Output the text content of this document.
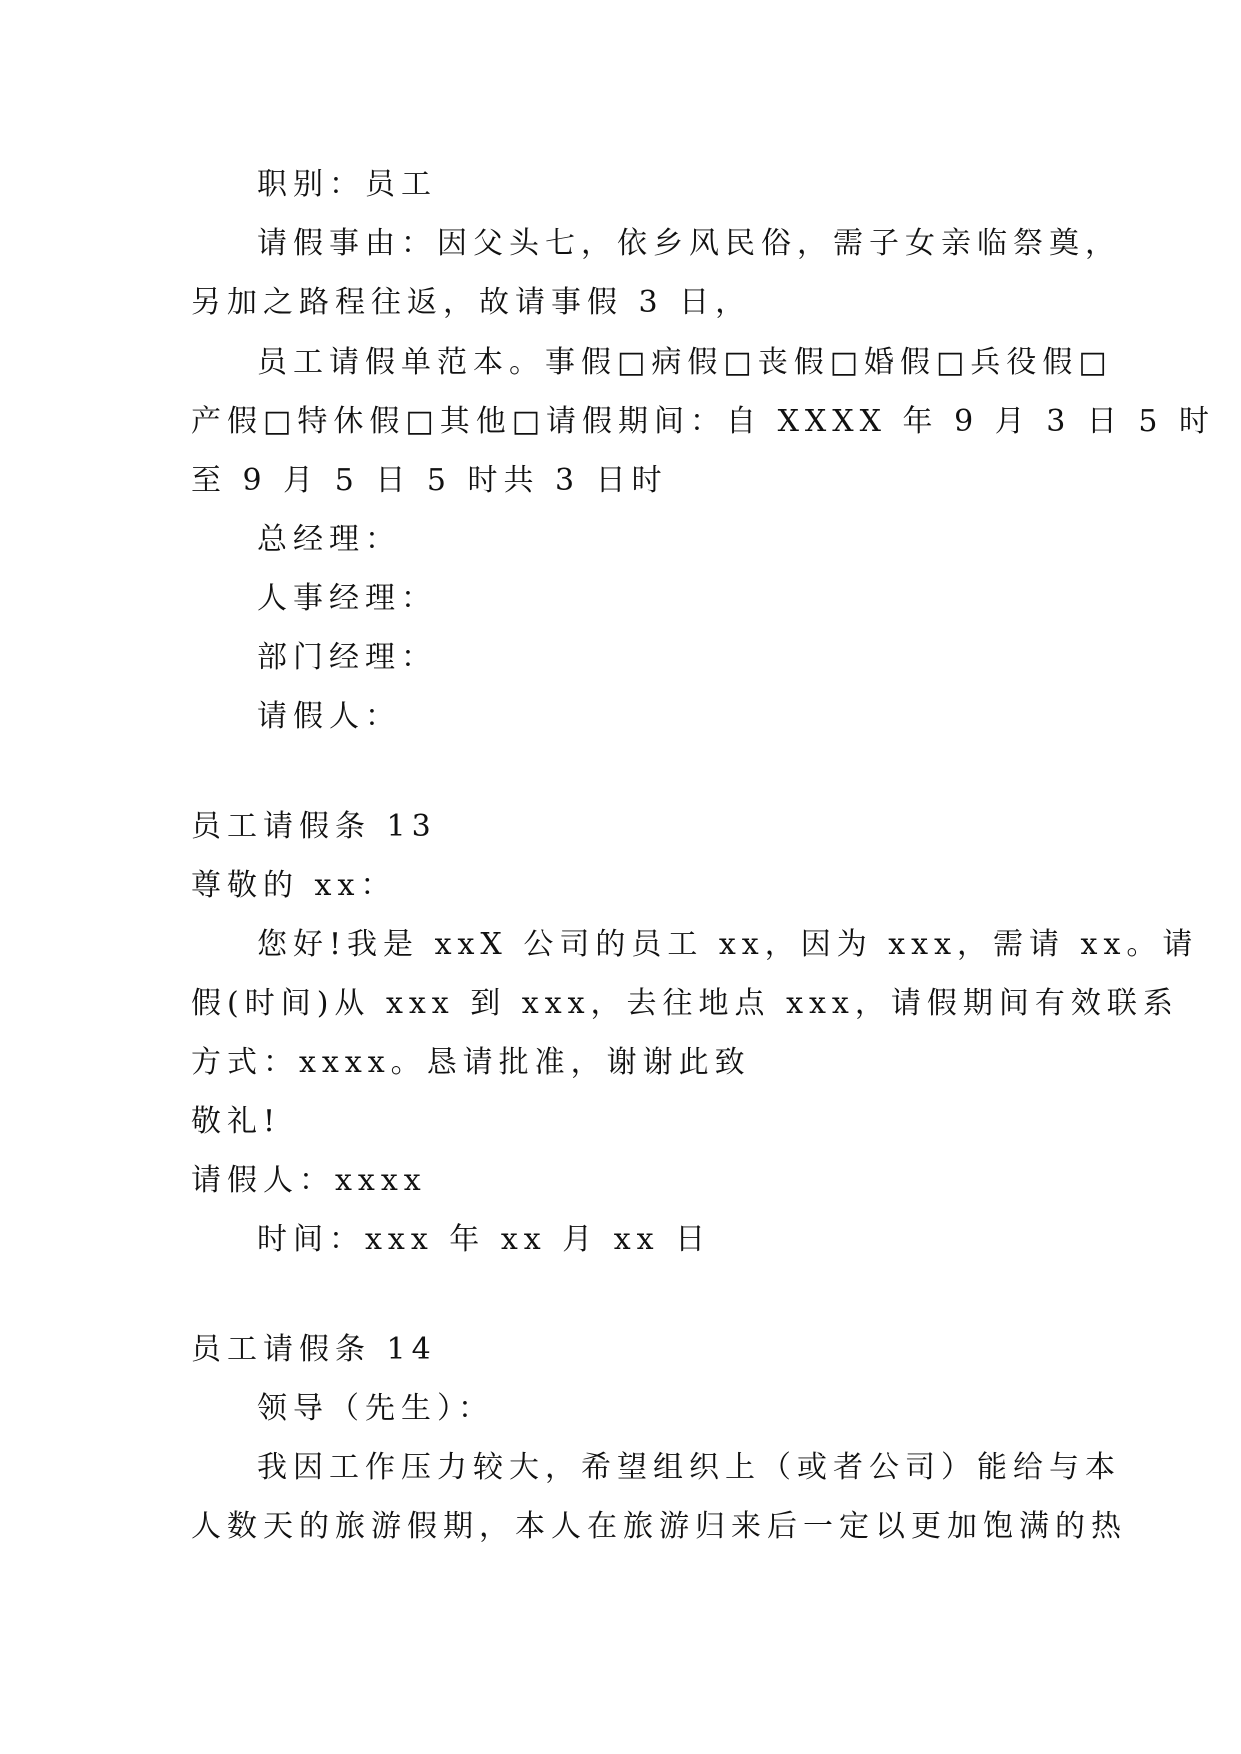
职别：员工
请假事由：因父头七，依乡风民俗，需子女亲临祭奠，
另加之路程往返，故请事假 3 日，
员工请假单范本。事假□病假□丧假□婚假□兵役假□
产假□特休假□其他□请假期间：自 XXXX 年 9 月 3 日 5 时
至 9 月 5 日 5 时共 3 日时
总经理：
人事经理：
部门经理：
请假人：
员工请假条 13
尊敬的 xx：
您好!我是 xxX 公司的员工 xx，因为 xxx，需请 xx。请
假(时间)从 xxx 到 xxx，去往地点 xxx，请假期间有效联系
方式：xxxx。恳请批准，谢谢此致
敬礼!
请假人：xxxx
时间：xxx 年 xx 月 xx 日
员工请假条 14
领导（先生）：
我因工作压力较大，希望组织上（或者公司）能给与本
人数天的旅游假期，本人在旅游归来后一定以更加饱满的热
